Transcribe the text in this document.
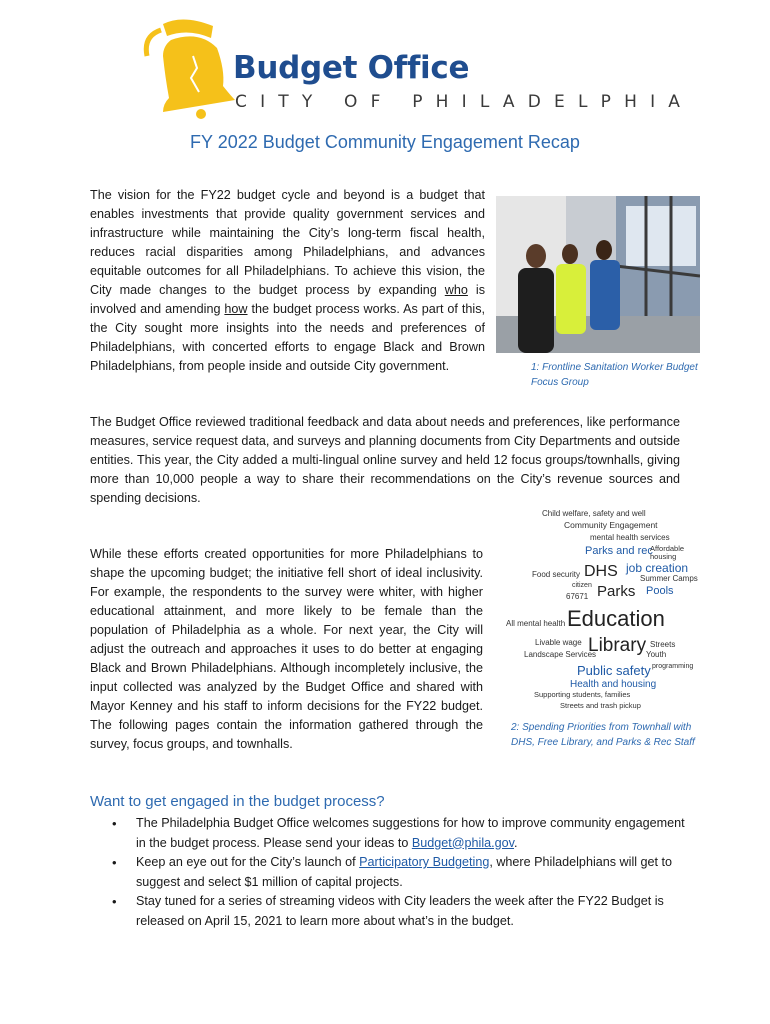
Budget Office
CITY OF PHILADELPHIA
FY 2022 Budget Community Engagement Recap

The vision for the FY22 budget cycle and beyond is a budget that enables investments that provide quality government services and infrastructure while maintaining the City’s long-term fiscal health, reduces racial disparities among Philadelphians, and advances equitable outcomes for all Philadelphians. To achieve this vision, the City made changes to the budget process by expanding who is involved and amending how the budget process works. As part of this, the City sought more insights into the needs and preferences of Philadelphians, with concerted efforts to engage Black and Brown Philadelphians, from people inside and outside City government.	1: Frontline Sanitation Worker Budget Focus Group

The Budget Office reviewed traditional feedback and data about needs and preferences, like performance measures, service request data, and surveys and planning documents from City Departments and outside entities. This year, the City added a multi-lingual online survey and held 12 focus groups/townhalls, giving more than 10,000 people a way to share their recommendations on the City’s revenue sources and spending decisions.

Child welfare, safety and well
Community Engagement
mental health services
Parks and rec
Affordable housing
Food security DHS job creation
Summer Camps
citizen Parks Pools
67671
All mental health Education
Livable wage Library Streets
Landscape Services	Youth
Public safety programming
Health and housing
Supporting students, families
Streets and trash pickup

While these efforts created opportunities for more Philadelphians to shape the upcoming budget; the initiative fell short of ideal inclusivity. For example, the respondents to the survey were whiter, with higher educational attainment, and more likely to be female than the population of Philadelphia as a whole. For next year, the City will adjust the outreach and approaches it uses to do better at engaging Black and Brown Philadelphians. Although incompletely inclusive, the input collected was analyzed by the Budget Office and shared with Mayor Kenney and his staff to inform decisions for the FY22 budget. The following pages contain the information gathered through the survey, focus groups, and townhalls.

2: Spending Priorities from Townhall with DHS, Free Library, and Parks & Rec Staff
Want to get engaged in the budget process?
• The Philadelphia Budget Office welcomes suggestions for how to improve community engagement in the budget process. Please send your ideas to Budget@phila.gov.
• Keep an eye out for the City’s launch of Participatory Budgeting, where Philadelphians will get to suggest and select $1 million of capital projects.
• Stay tuned for a series of streaming videos with City leaders the week after the FY22 Budget is released on April 15, 2021 to learn more about what’s in the budget.
